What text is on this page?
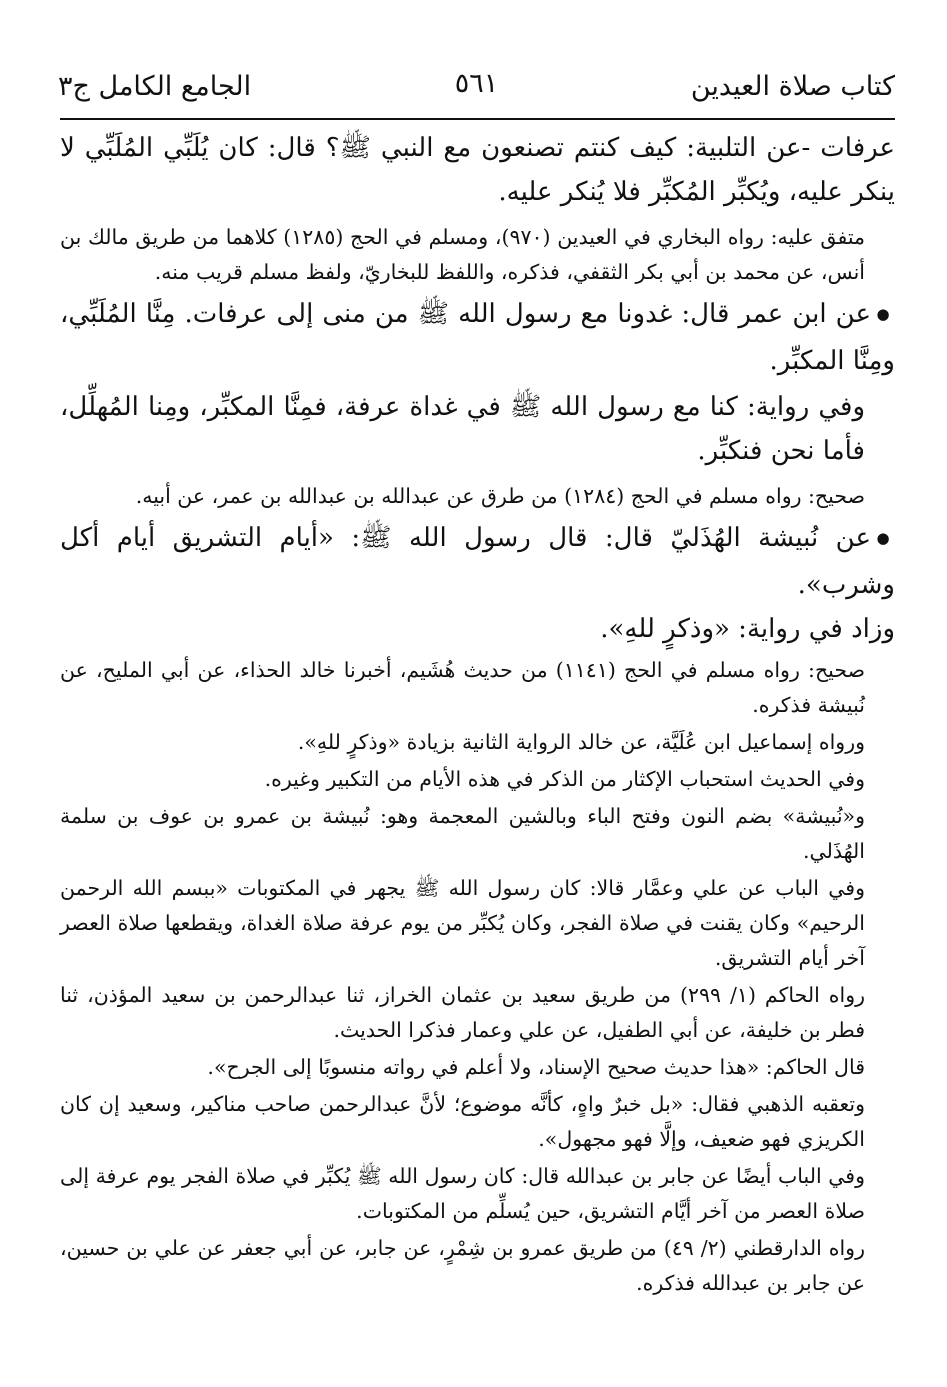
كتاب صلاة العيدين
٥٦١
الجامع الكامل ج٣

عرفات -عن التلبية: كيف كنتم تصنعون مع النبي ﷺ؟ قال: كان يُلَبِّي المُلَبِّي لا ينكر عليه، ويُكبِّر المُكبِّر فلا يُنكر عليه.

متفق عليه: رواه البخاري في العيدين (٩٧٠)، ومسلم في الحج (١٢٨٥) كلاهما من طريق مالك بن أنس، عن محمد بن أبي بكر الثقفي، فذكره، واللفظ للبخاريّ، ولفظ مسلم قريب منه.

●عن ابن عمر قال: غدونا مع رسول الله ﷺ من منى إلى عرفات. مِنَّا المُلَبِّي، ومِنَّا المكبِّر.

وفي رواية: كنا مع رسول الله ﷺ في غداة عرفة، فمِنَّا المكبِّر، ومِنا المُهلِّل، فأما نحن فنكبِّر.

صحيح: رواه مسلم في الحج (١٢٨٤) من طرق عن عبدالله بن عبدالله بن عمر، عن أبيه.

●عن نُبيشة الهُذَليّ قال: قال رسول الله ﷺ: «أيام التشريق أيام أكل وشرب».

وزاد في رواية: «وذكرٍ للهِ».

صحيح: رواه مسلم في الحج (١١٤١) من حديث هُشَيم، أخبرنا خالد الحذاء، عن أبي المليح، عن نُبيشة فذكره.

ورواه إسماعيل ابن عُلَيَّة، عن خالد الرواية الثانية بزيادة «وذكرٍ للهِ».

وفي الحديث استحباب الإكثار من الذكر في هذه الأيام من التكبير وغيره.

و«نُبيشة» بضم النون وفتح الباء وبالشين المعجمة وهو: نُبيشة بن عمرو بن عوف بن سلمة الهُذَلي.

وفي الباب عن علي وعمَّار قالا: كان رسول الله ﷺ يجهر في المكتوبات «ببسم الله الرحمن الرحيم» وكان يقنت في صلاة الفجر، وكان يُكبِّر من يوم عرفة صلاة الغداة، ويقطعها صلاة العصر آخر أيام التشريق.

رواه الحاكم (١/ ٢٩٩) من طريق سعيد بن عثمان الخراز، ثنا عبدالرحمن بن سعيد المؤذن، ثنا فطر بن خليفة، عن أبي الطفيل، عن علي وعمار فذكرا الحديث.

قال الحاكم: «هذا حديث صحيح الإسناد، ولا أعلم في رواته منسوبًا إلى الجرح».

وتعقبه الذهبي فقال: «بل خبرٌ واهٍ، كأنَّه موضوع؛ لأنَّ عبدالرحمن صاحب مناكير، وسعيد إن كان الكريزي فهو ضعيف، وإلَّا فهو مجهول».

وفي الباب أيضًا عن جابر بن عبدالله قال: كان رسول الله ﷺ يُكبِّر في صلاة الفجر يوم عرفة إلى صلاة العصر من آخر أيَّام التشريق، حين يُسلِّم من المكتوبات.

رواه الدارقطني (٢/ ٤٩) من طريق عمرو بن شِمْرٍ، عن جابر، عن أبي جعفر عن علي بن حسين، عن جابر بن عبدالله فذكره.
